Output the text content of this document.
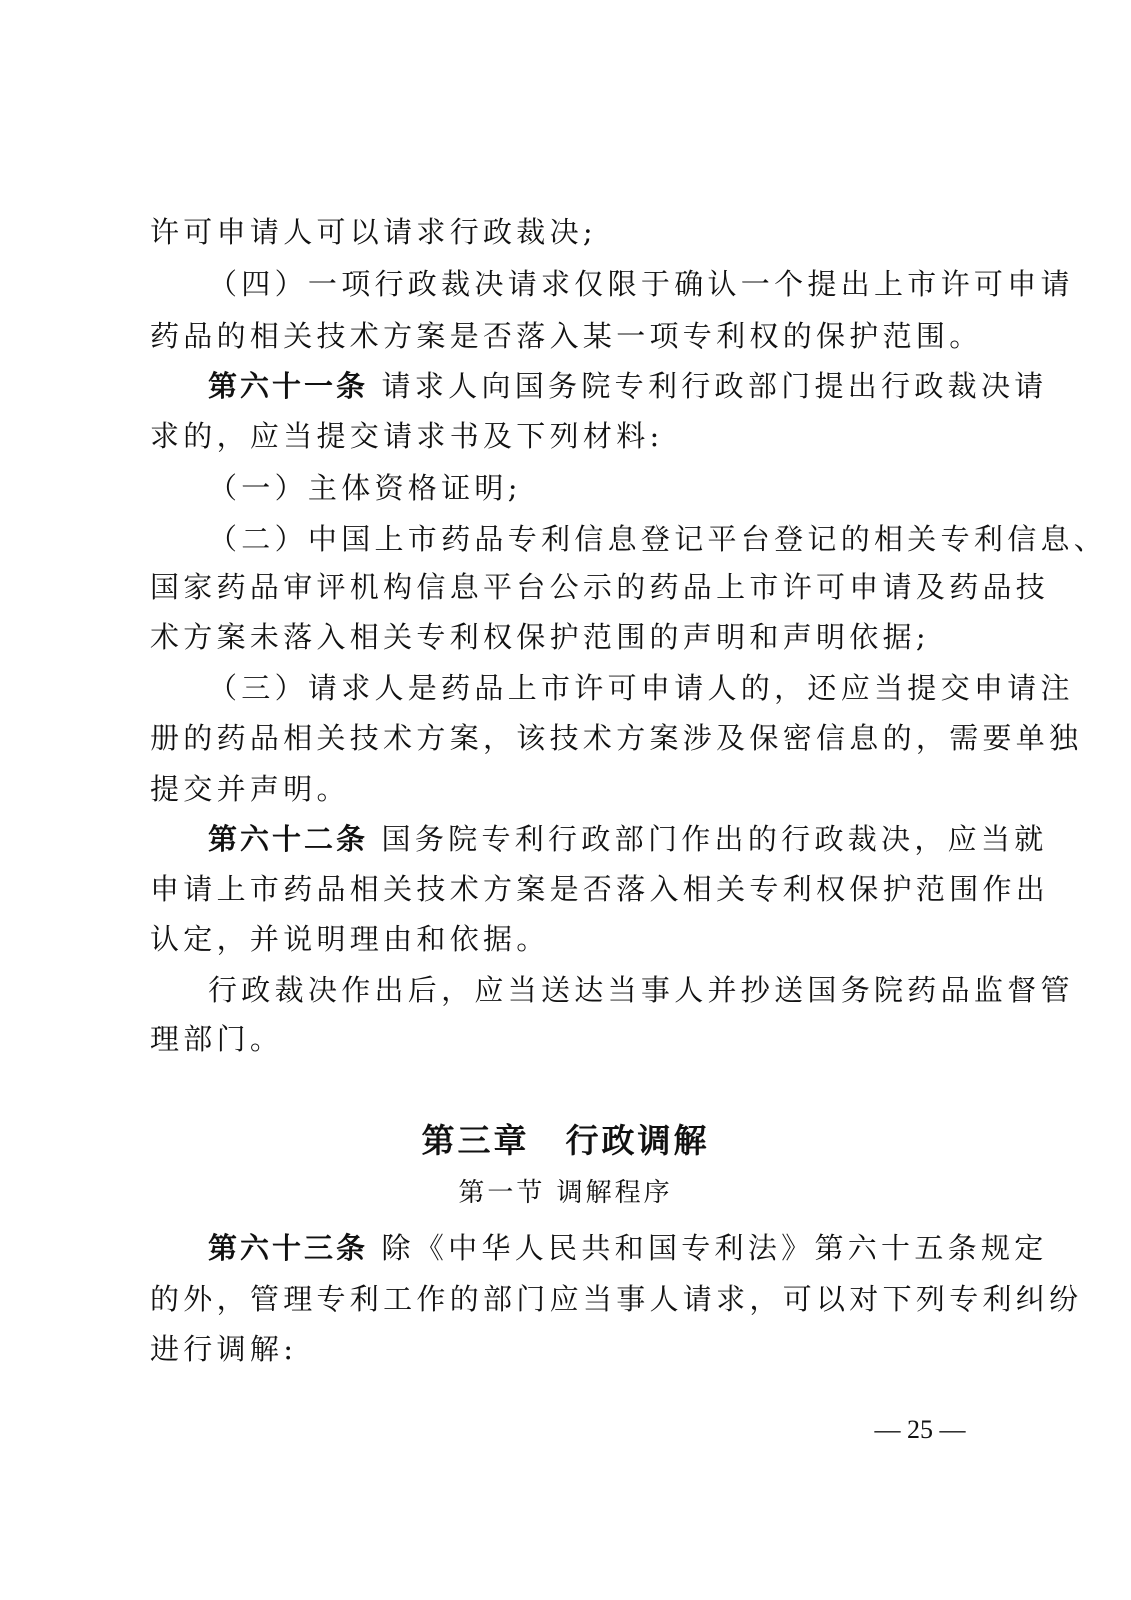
许可申请人可以请求行政裁决;
（四）一项行政裁决请求仅限于确认一个提出上市许可申请
药品的相关技术方案是否落入某一项专利权的保护范围。
第六十一条 请求人向国务院专利行政部门提出行政裁决请
求的，应当提交请求书及下列材料:
（一）主体资格证明;
（二）中国上市药品专利信息登记平台登记的相关专利信息、
国家药品审评机构信息平台公示的药品上市许可申请及药品技
术方案未落入相关专利权保护范围的声明和声明依据;
（三）请求人是药品上市许可申请人的，还应当提交申请注
册的药品相关技术方案，该技术方案涉及保密信息的，需要单独
提交并声明。
第六十二条 国务院专利行政部门作出的行政裁决，应当就
申请上市药品相关技术方案是否落入相关专利权保护范围作出
认定，并说明理由和依据。
行政裁决作出后，应当送达当事人并抄送国务院药品监督管
理部门。
第三章　行政调解
第一节 调解程序
第六十三条 除《中华人民共和国专利法》第六十五条规定
的外，管理专利工作的部门应当事人请求，可以对下列专利纠纷
进行调解:
— 25 —
